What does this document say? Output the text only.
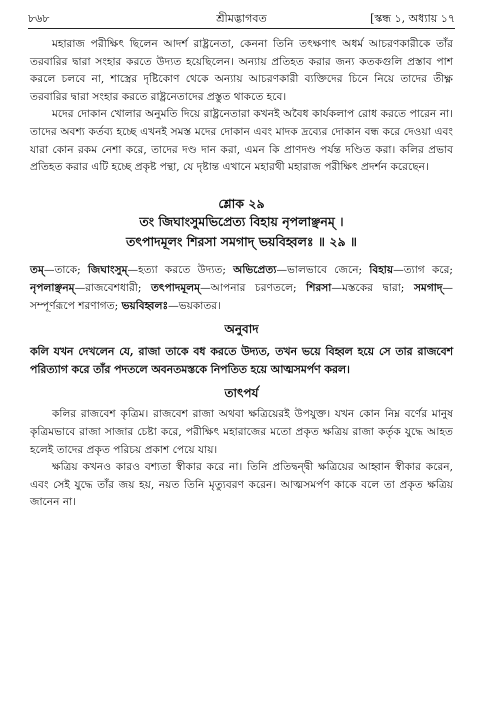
৮৬৮	শ্রীমদ্ভাগবত	[স্কন্ধ ১, অধ্যায় ১৭

মহারাজ পরীক্ষিৎ ছিলেন আদর্শ রাষ্ট্রনেতা, কেননা তিনি তৎক্ষণাৎ অধর্ম আচরণকারীকে তাঁর তরবারির দ্বারা সংহার করতে উদ্যত হয়েছিলেন। অন্যায় প্রতিহত করার জন্য কতকগুলি প্রস্তাব পাশ করলে চলবে না, শাস্ত্রের দৃষ্টিকোণ থেকে অন্যায় আচরণকারী ব্যক্তিদের চিনে নিয়ে তাদের তীক্ষ্ণ তরবারির দ্বারা সংহার করতে রাষ্ট্রনেতাদের প্রস্তুত থাকতে হবে।

মদের দোকান খোলার অনুমতি দিয়ে রাষ্ট্রনেতারা কখনই অবৈধ কার্যকলাপ রোধ করতে পারেন না। তাদের অবশ্য কর্তব্য হচ্ছে এখনই সমস্ত মদের দোকান এবং মাদক দ্রব্যের দোকান বন্ধ করে দেওয়া এবং যারা কোন রকম নেশা করে, তাদের দণ্ড দান করা, এমন কি প্রাণদণ্ড পর্যন্ত দণ্ডিত করা। কলির প্রভাব প্রতিহত করার এটি হচ্ছে প্রকৃষ্ট পন্থা, যে দৃষ্টান্ত এখানে মহারথী মহারাজ পরীক্ষিৎ প্রদর্শন করেছেন।

শ্লোক ২৯

তং জিঘাংসুমভিপ্রেত্য বিহায় নৃপলাঞ্ছনম্ ।

তৎপাদমূলং শিরসা সমগাদ্ ভয়বিহ্বলঃ ॥ ২৯ ॥

তম্—তাকে; জিঘাংসুম্—হত্যা করতে উদ্যত; অভিপ্রেত্য—ভালভাবে জেনে; বিহায়—ত্যাগ করে; নৃপলাঞ্ছনম্—রাজবেশধারী; তৎপাদমূলম্—আপনার চরণতলে; শিরসা—মস্তকের দ্বারা; সমগাদ্—সম্পূর্ণরূপে শরণাগত; ভয়বিহ্বলঃ—ভয়কাতর।

অনুবাদ

কলি যখন দেখলেন যে, রাজা তাকে বধ করতে উদ্যত, তখন ভয়ে বিহ্বল হয়ে সে তার রাজবেশ পরিত্যাগ করে তাঁর পদতলে অবনতমস্তকে নিপতিত হয়ে আত্মসমর্পণ করল।

তাৎপর্য

কলির রাজবেশ কৃত্রিম। রাজবেশ রাজা অথবা ক্ষত্রিয়েরই উপযুক্ত। যখন কোন নিম্ন বর্ণের মানুষ কৃত্রিমভাবে রাজা সাজার চেষ্টা করে, পরীক্ষিৎ মহারাজের মতো প্রকৃত ক্ষত্রিয় রাজা কর্তৃক যুদ্ধে আহত হলেই তাদের প্রকৃত পরিচয় প্রকাশ পেয়ে যায়।

ক্ষত্রিয় কখনও কারও বশ্যতা স্বীকার করে না। তিনি প্রতিদ্বন্দ্বী ক্ষত্রিয়ের আহ্বান স্বীকার করেন, এবং সেই যুদ্ধে তাঁর জয় হয়, নয়ত তিনি মৃত্যুবরণ করেন। আত্মসমর্পণ কাকে বলে তা প্রকৃত ক্ষত্রিয় জানেন না।
